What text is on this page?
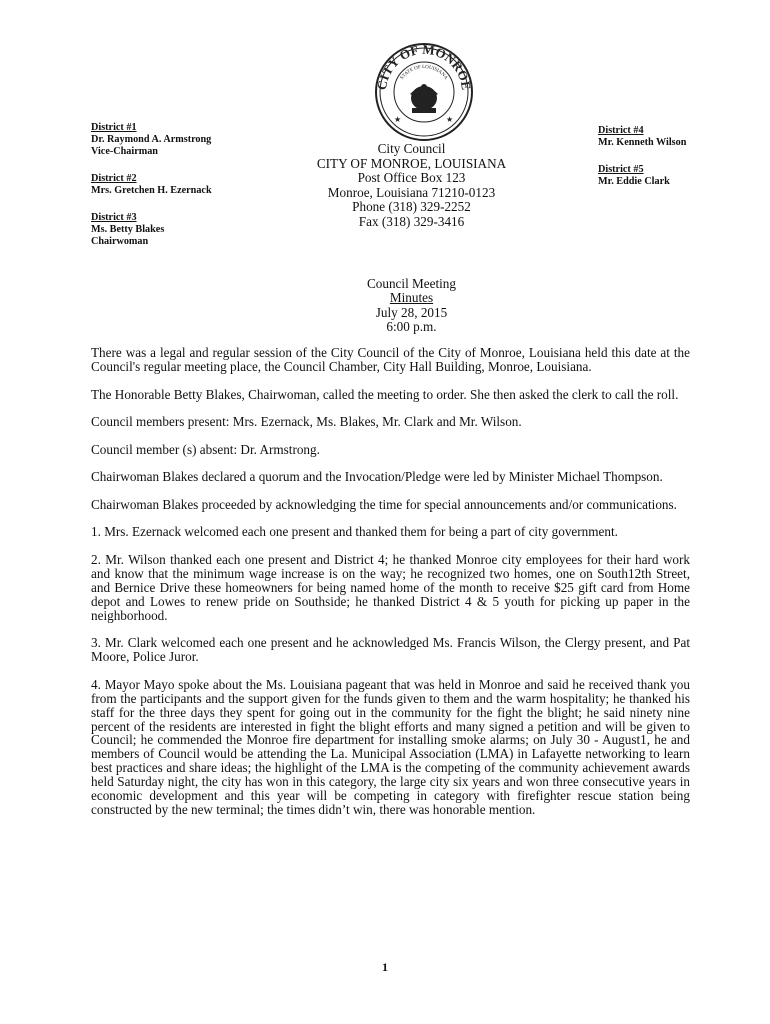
CITY OF MONROE
STATE OF LOUISIANA
★	★
District #1
Dr. Raymond A. Armstrong
Vice-Chairman
District #2
Mrs. Gretchen H. Ezernack
District #3
Ms. Betty Blakes
Chairwoman
City Council
CITY OF MONROE, LOUISIANA
Post Office Box 123
Monroe, Louisiana 71210-0123
Phone (318) 329-2252
Fax (318) 329-3416
District #4
Mr. Kenneth Wilson
District #5
Mr. Eddie Clark
Council Meeting
Minutes
July 28, 2015
6:00 p.m.

There was a legal and regular session of the City Council of the City of Monroe, Louisiana held this date at the Council's regular meeting place, the Council Chamber, City Hall Building, Monroe, Louisiana.

The Honorable Betty Blakes, Chairwoman, called the meeting to order. She then asked the clerk to call the roll.

Council members present: Mrs. Ezernack, Ms. Blakes, Mr. Clark and Mr. Wilson.

Council member (s) absent: Dr. Armstrong.

Chairwoman Blakes declared a quorum and the Invocation/Pledge were led by Minister Michael Thompson.

Chairwoman Blakes proceeded by acknowledging the time for special announcements and/or communications.

1. Mrs. Ezernack welcomed each one present and thanked them for being a part of city government.

2. Mr. Wilson thanked each one present and District 4; he thanked Monroe city employees for their hard work and know that the minimum wage increase is on the way; he recognized two homes, one on South12th Street, and Bernice Drive these homeowners for being named home of the month to receive $25 gift card from Home depot and Lowes to renew pride on Southside; he thanked District 4 & 5 youth for picking up paper in the neighborhood.

3. Mr. Clark welcomed each one present and he acknowledged Ms. Francis Wilson, the Clergy present, and Pat Moore, Police Juror.

4. Mayor Mayo spoke about the Ms. Louisiana pageant that was held in Monroe and said he received thank you from the participants and the support given for the funds given to them and the warm hospitality; he thanked his staff for the three days they spent for going out in the community for the fight the blight; he said ninety nine percent of the residents are interested in fight the blight efforts and many signed a petition and will be given to Council; he commended the Monroe fire department for installing smoke alarms; on July 30 - August1, he and members of Council would be attending the La. Municipal Association (LMA) in Lafayette networking to learn best practices and share ideas; the highlight of the LMA is the competing of the community achievement awards held Saturday night, the city has won in this category, the large city six years and won three consecutive years in economic development and this year will be competing in category with firefighter rescue station being constructed by the new terminal; the times didn’t win, there was honorable mention.

1
